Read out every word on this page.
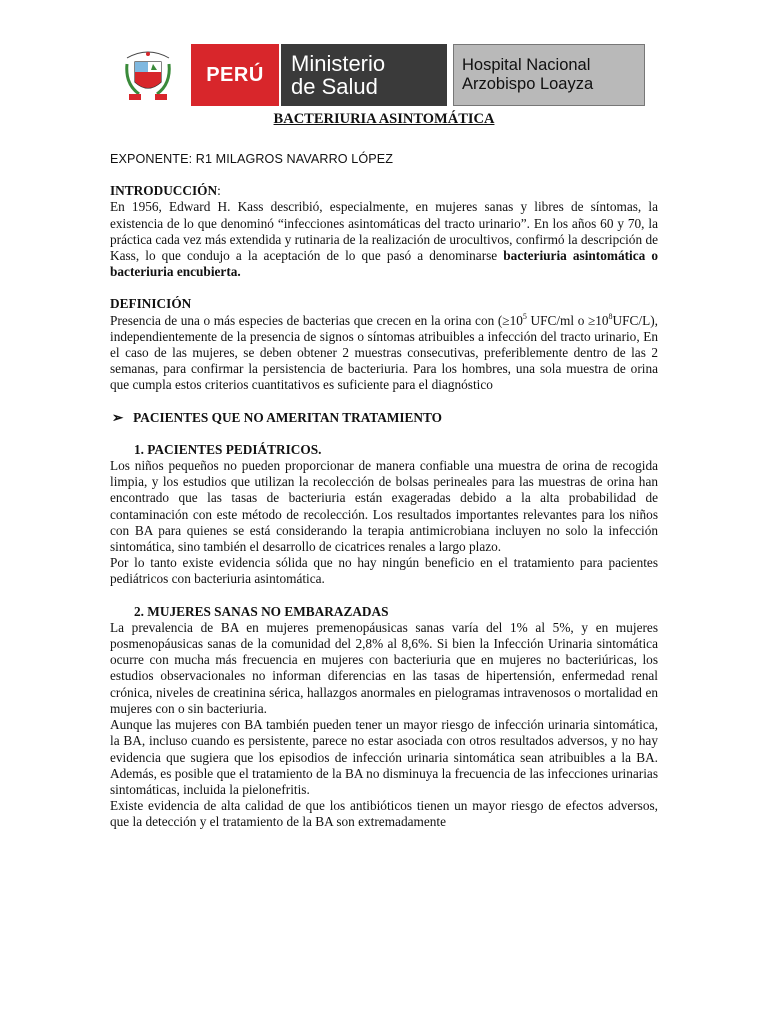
PERÚ	Ministerio
de Salud
Hospital Nacional
Arzobispo Loayza
BACTERIURIA ASINTOMÁTICA
EXPONENTE: R1 MILAGROS NAVARRO LÓPEZ
INTRODUCCIÓN:

En 1956, Edward H. Kass describió, especialmente, en mujeres sanas y libres de síntomas, la existencia de lo que denominó “infecciones asintomáticas del tracto urinario”. En los años 60 y 70, la práctica cada vez más extendida y rutinaria de la realización de urocultivos, confirmó la descripción de Kass, lo que condujo a la aceptación de lo que pasó a denominarse bacteriuria asintomática o bacteriuria encubierta.

DEFINICIÓN

Presencia de una o más especies de bacterias que crecen en la orina con ($\ge 10^5$ UFC/ml $o \ge 10^8UFC/L$), independientemente de la presencia de signos o síntomas atribuibles a infección del tracto urinario, En el caso de las mujeres, se deben obtener 2 muestras consecutivas, preferiblemente dentro de las 2 semanas, para confirmar la persistencia de bacteriuria. Para los hombres, una sola muestra de orina que cumpla estos criterios cuantitativos es suficiente para el diagnóstico

➢ PACIENTES QUE NO AMERITAN TRATAMIENTO
1. PACIENTES PEDIÁTRICOS.

Los niños pequeños no pueden proporcionar de manera confiable una muestra de orina de recogida limpia, y los estudios que utilizan la recolección de bolsas perineales para las muestras de orina han encontrado que las tasas de bacteriuria están exageradas debido a la alta probabilidad de contaminación con este método de recolección. Los resultados importantes relevantes para los niños con BA para quienes se está considerando la terapia antimicrobiana incluyen no solo la infección sintomática, sino también el desarrollo de cicatrices renales a largo plazo.

Por lo tanto existe evidencia sólida que no hay ningún beneficio en el tratamiento para pacientes pediátricos con bacteriuria asintomática.

2. MUJERES SANAS NO EMBARAZADAS

La prevalencia de BA en mujeres premenopáusicas sanas varía del 1% al 5%, y en mujeres posmenopáusicas sanas de la comunidad del 2,8% al 8,6%. Si bien la Infección Urinaria sintomática ocurre con mucha más frecuencia en mujeres con bacteriuria que en mujeres no bacteriúricas, los estudios observacionales no informan diferencias en las tasas de hipertensión, enfermedad renal crónica, niveles de creatinina sérica, hallazgos anormales en pielogramas intravenosos o mortalidad en mujeres con o sin bacteriuria.

Aunque las mujeres con BA también pueden tener un mayor riesgo de infección urinaria sintomática, la BA, incluso cuando es persistente, parece no estar asociada con otros resultados adversos, y no hay evidencia que sugiera que los episodios de infección urinaria sintomática sean atribuibles a la BA. Además, es posible que el tratamiento de la BA no disminuya la frecuencia de las infecciones urinarias sintomáticas, incluida la pielonefritis.

Existe evidencia de alta calidad de que los antibióticos tienen un mayor riesgo de efectos adversos, que la detección y el tratamiento de la BA son extremadamente
